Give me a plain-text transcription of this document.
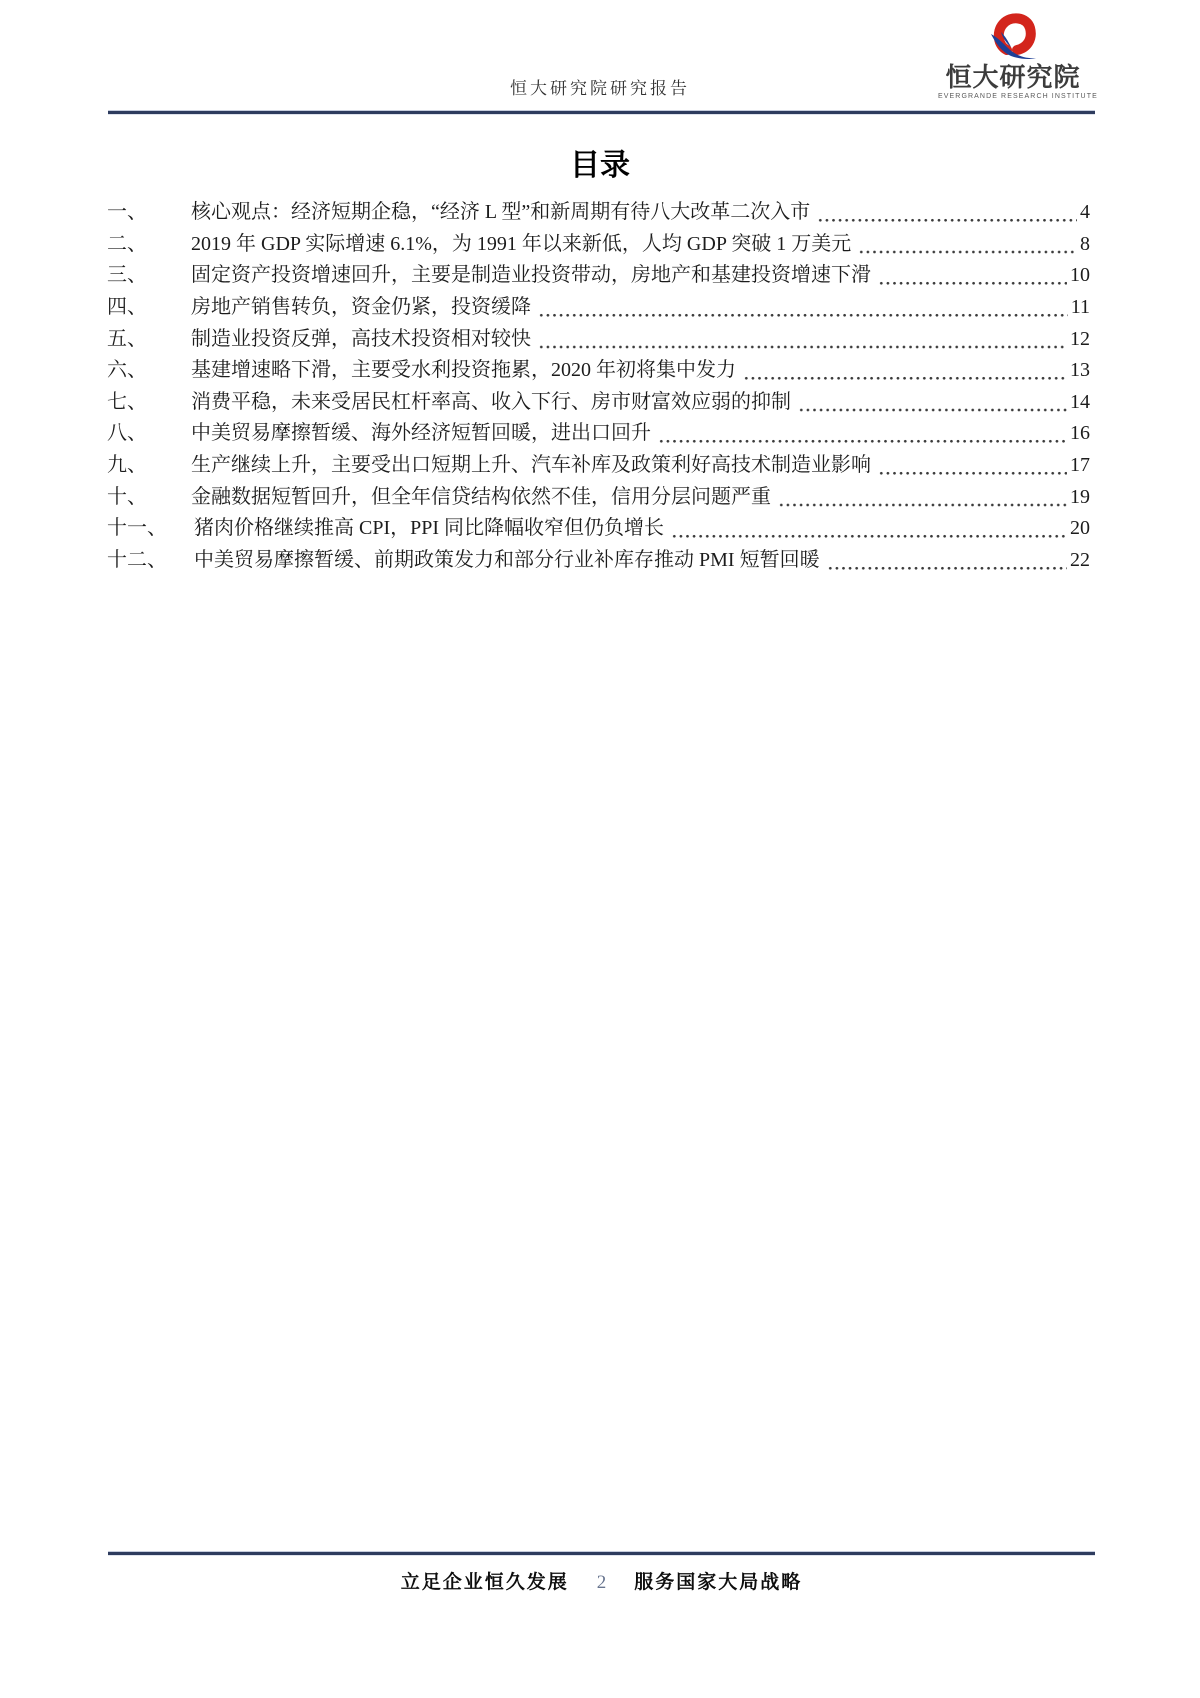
恒大研究院研究报告	恒大研究院
EVERGRANDE RESEARCH INSTITUTE
目录
一、	核心观点：经济短期企稳，“经济 L 型”和新周期有待八大改革二次入市	4
二、	2019 年 GDP 实际增速 6.1%，为 1991 年以来新低，人均 GDP 突破 1 万美元	8
三、	固定资产投资增速回升，主要是制造业投资带动，房地产和基建投资增速下滑	10
四、	房地产销售转负，资金仍紧，投资缓降	11
五、	制造业投资反弹，高技术投资相对较快	12
六、	基建增速略下滑，主要受水利投资拖累，2020 年初将集中发力	13
七、	消费平稳，未来受居民杠杆率高、收入下行、房市财富效应弱的抑制	14
八、	中美贸易摩擦暂缓、海外经济短暂回暖，进出口回升	16
九、	生产继续上升，主要受出口短期上升、汽车补库及政策利好高技术制造业影响	17
十、	金融数据短暂回升，但全年信贷结构依然不佳，信用分层问题严重	19
十一、 猪肉价格继续推高 CPI，PPI 同比降幅收窄但仍负增长	20
十二、 中美贸易摩擦暂缓、前期政策发力和部分行业补库存推动 PMI 短暂回暖	22
立足企业恒久发展 2 服务国家大局战略
